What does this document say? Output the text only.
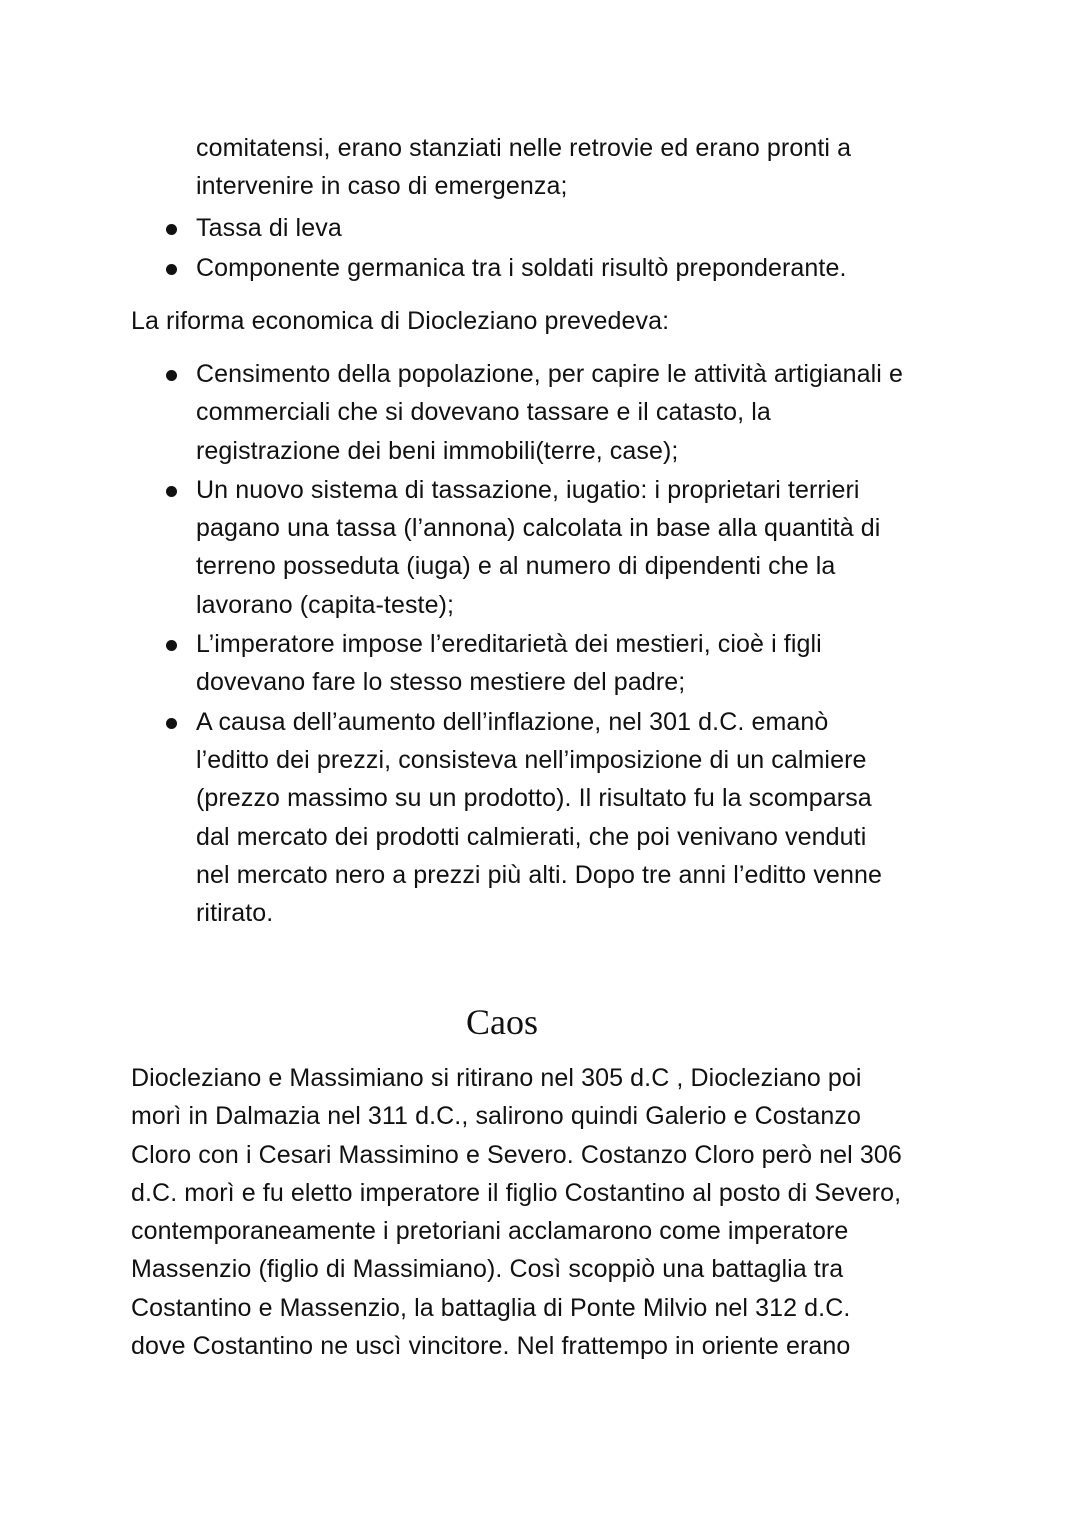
comitatensi, erano stanziati nelle retrovie ed erano pronti a
intervenire in caso di emergenza;
Tassa di leva
Componente germanica tra i soldati risultò preponderante.
La riforma economica di Diocleziano prevedeva:
Censimento della popolazione, per capire le attività artigianali e
commerciali che si dovevano tassare e il catasto, la
registrazione dei beni immobili(terre, case);
Un nuovo sistema di tassazione, iugatio: i proprietari terrieri
pagano una tassa (l’annona) calcolata in base alla quantità di
terreno posseduta (iuga) e al numero di dipendenti che la
lavorano (capita-teste);
L’imperatore impose l’ereditarietà dei mestieri, cioè i figli
dovevano fare lo stesso mestiere del padre;
A causa dell’aumento dell’inflazione, nel 301 d.C. emanò
l’editto dei prezzi, consisteva nell’imposizione di un calmiere
(prezzo massimo su un prodotto). Il risultato fu la scomparsa
dal mercato dei prodotti calmierati, che poi venivano venduti
nel mercato nero a prezzi più alti. Dopo tre anni l’editto venne
ritirato.
Caos
Diocleziano e Massimiano si ritirano nel 305 d.C , Diocleziano poi
morì in Dalmazia nel 311 d.C., salirono quindi Galerio e Costanzo
Cloro con i Cesari Massimino e Severo. Costanzo Cloro però nel 306
d.C. morì e fu eletto imperatore il figlio Costantino al posto di Severo,
contemporaneamente i pretoriani acclamarono come imperatore
Massenzio (figlio di Massimiano). Così scoppiò una battaglia tra
Costantino e Massenzio, la battaglia di Ponte Milvio nel 312 d.C.
dove Costantino ne uscì vincitore. Nel frattempo in oriente erano
